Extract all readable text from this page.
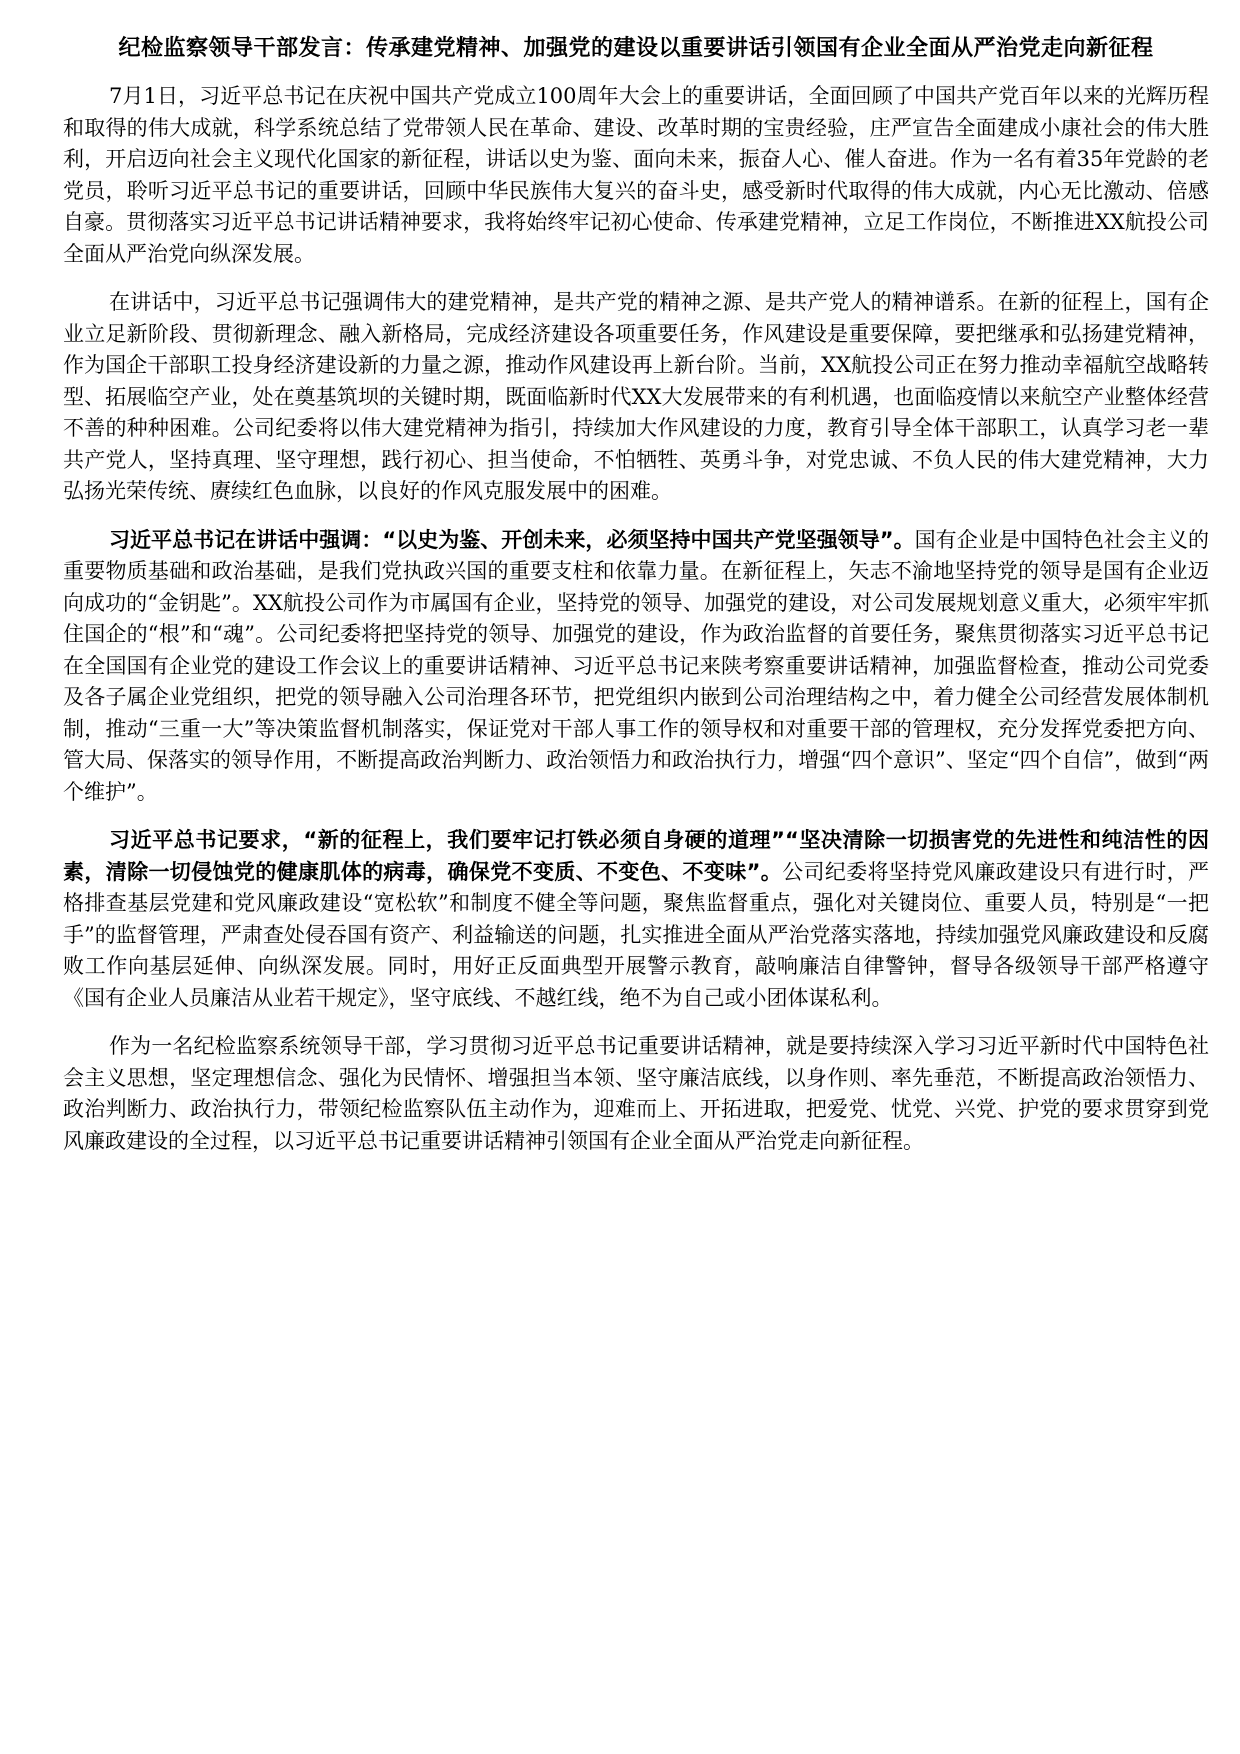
纪检监察领导干部发言：传承建党精神、加强党的建设以重要讲话引领国有企业全面从严治党走向新征程

7月1日，习近平总书记在庆祝中国共产党成立100周年大会上的重要讲话，全面回顾了中国共产党百年以来的光辉历程和取得的伟大成就，科学系统总结了党带领人民在革命、建设、改革时期的宝贵经验，庄严宣告全面建成小康社会的伟大胜利，开启迈向社会主义现代化国家的新征程，讲话以史为鉴、面向未来，振奋人心、催人奋进。作为一名有着35年党龄的老党员，聆听习近平总书记的重要讲话，回顾中华民族伟大复兴的奋斗史，感受新时代取得的伟大成就，内心无比激动、倍感自豪。贯彻落实习近平总书记讲话精神要求，我将始终牢记初心使命、传承建党精神，立足工作岗位，不断推进XX航投公司全面从严治党向纵深发展。

在讲话中，习近平总书记强调伟大的建党精神，是共产党的精神之源、是共产党人的精神谱系。在新的征程上，国有企业立足新阶段、贯彻新理念、融入新格局，完成经济建设各项重要任务，作风建设是重要保障，要把继承和弘扬建党精神，作为国企干部职工投身经济建设新的力量之源，推动作风建设再上新台阶。当前，XX航投公司正在努力推动幸福航空战略转型、拓展临空产业，处在奠基筑坝的关键时期，既面临新时代XX大发展带来的有利机遇，也面临疫情以来航空产业整体经营不善的种种困难。公司纪委将以伟大建党精神为指引，持续加大作风建设的力度，教育引导全体干部职工，认真学习老一辈共产党人，坚持真理、坚守理想，践行初心、担当使命，不怕牺牲、英勇斗争，对党忠诚、不负人民的伟大建党精神，大力弘扬光荣传统、赓续红色血脉，以良好的作风克服发展中的困难。

习近平总书记在讲话中强调：“以史为鉴、开创未来，必须坚持中国共产党坚强领导”。国有企业是中国特色社会主义的重要物质基础和政治基础，是我们党执政兴国的重要支柱和依靠力量。在新征程上，矢志不渝地坚持党的领导是国有企业迈向成功的“金钥匙”。XX航投公司作为市属国有企业，坚持党的领导、加强党的建设，对公司发展规划意义重大，必须牢牢抓住国企的“根”和“魂”。公司纪委将把坚持党的领导、加强党的建设，作为政治监督的首要任务，聚焦贯彻落实习近平总书记在全国国有企业党的建设工作会议上的重要讲话精神、习近平总书记来陕考察重要讲话精神，加强监督检查，推动公司党委及各子属企业党组织，把党的领导融入公司治理各环节，把党组织内嵌到公司治理结构之中，着力健全公司经营发展体制机制，推动“三重一大”等决策监督机制落实，保证党对干部人事工作的领导权和对重要干部的管理权，充分发挥党委把方向、管大局、保落实的领导作用，不断提高政治判断力、政治领悟力和政治执行力，增强“四个意识”、坚定“四个自信”，做到“两个维护”。

习近平总书记要求，“新的征程上，我们要牢记打铁必须自身硬的道理”“坚决清除一切损害党的先进性和纯洁性的因素，清除一切侵蚀党的健康肌体的病毒，确保党不变质、不变色、不变味”。公司纪委将坚持党风廉政建设只有进行时，严格排查基层党建和党风廉政建设“宽松软”和制度不健全等问题，聚焦监督重点，强化对关键岗位、重要人员，特别是“一把手”的监督管理，严肃查处侵吞国有资产、利益输送的问题，扎实推进全面从严治党落实落地，持续加强党风廉政建设和反腐败工作向基层延伸、向纵深发展。同时，用好正反面典型开展警示教育，敲响廉洁自律警钟，督导各级领导干部严格遵守《国有企业人员廉洁从业若干规定》，坚守底线、不越红线，绝不为自己或小团体谋私利。

作为一名纪检监察系统领导干部，学习贯彻习近平总书记重要讲话精神，就是要持续深入学习习近平新时代中国特色社会主义思想，坚定理想信念、强化为民情怀、增强担当本领、坚守廉洁底线，以身作则、率先垂范，不断提高政治领悟力、政治判断力、政治执行力，带领纪检监察队伍主动作为，迎难而上、开拓进取，把爱党、忧党、兴党、护党的要求贯穿到党风廉政建设的全过程，以习近平总书记重要讲话精神引领国有企业全面从严治党走向新征程。
